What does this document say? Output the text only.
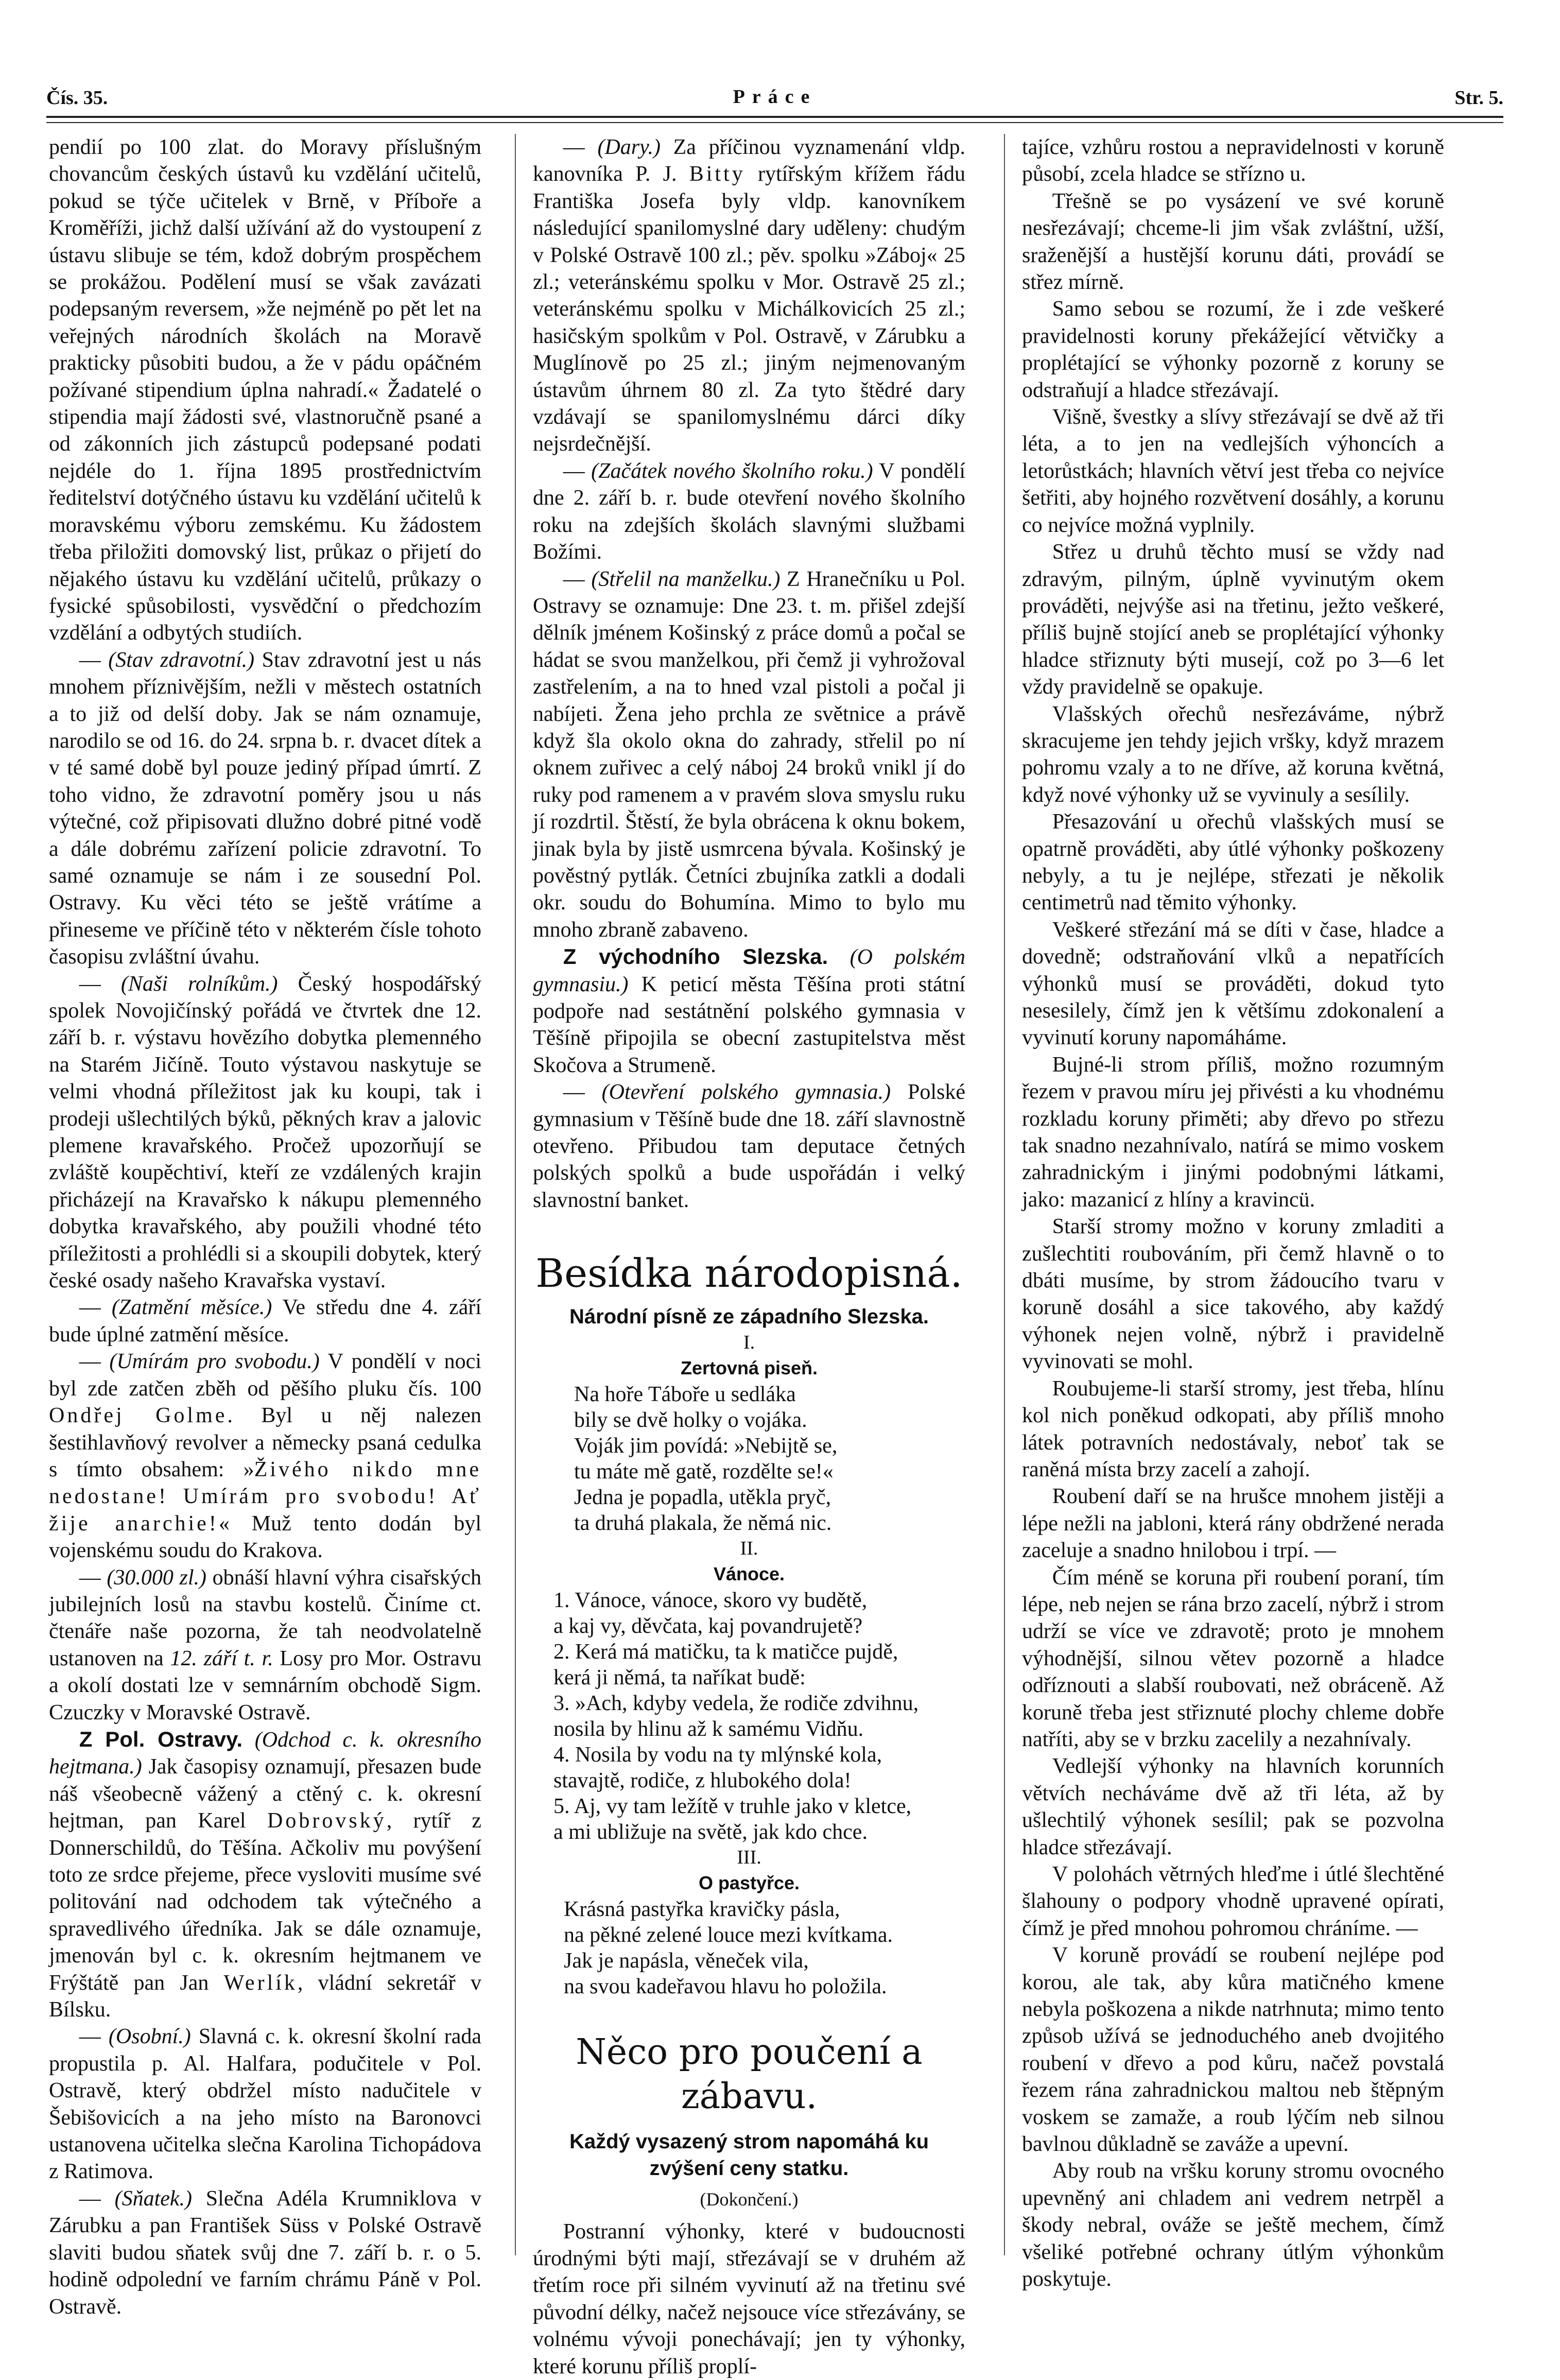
Čís. 35.	Práce	Str. 5.

pendií po 100 zlat. do Moravy příslušným chovancům českých ústavů ku vzdělání učitelů, pokud se týče učitelek v Brně, v Příboře a Kroměříži, jichž další užívání až do vystoupení z ústavu slibuje se tém, kdož dobrým prospěchem se prokážou. Podělení musí se však zavázati podepsaným reversem, »že nejméně po pět let na veřejných národních školách na Moravě prakticky působiti budou, a že v pádu opáčném požívané stipendium úplna nahradí.« Žadatelé o stipendia mají žádosti své, vlastnoručně psané a od zákonních jich zástupců podepsané podati nejdéle do 1. října 1895 prostřednictvím ředitelství dotýčného ústavu ku vzdělání učitelů k moravskému výboru zemskému. Ku žádostem třeba přiložiti domovský list, průkaz o přijetí do nějakého ústavu ku vzdělání učitelů, průkazy o fysické spůsobilosti, vysvědční o předchozím vzdělání a odbytých studiích.

— (Stav zdravotní.) Stav zdravotní jest u nás mnohem příznivějším, nežli v městech ostatních a to již od delší doby. Jak se nám oznamuje, narodilo se od 16. do 24. srpna b. r. dvacet dítek a v té samé době byl pouze jediný případ úmrtí. Z toho vidno, že zdravotní poměry jsou u nás výtečné, což připisovati dlužno dobré pitné vodě a dále dobrému zařízení policie zdravotní. To samé oznamuje se nám i ze sousední Pol. Ostravy. Ku věci této se ještě vrátíme a přineseme ve příčině této v některém čísle tohoto časopisu zvláštní úvahu.

— (Naši rolníkům.) Český hospodářský spolek Novojičínský pořádá ve čtvrtek dne 12. září b. r. výstavu hovězího dobytka plemenného na Starém Jičíně. Touto výstavou naskytuje se velmi vhodná příležitost jak ku koupi, tak i prodeji ušlechtilých býků, pěkných krav a jalovic plemene kravařského. Pročež upozorňují se zvláště koupěchtiví, kteří ze vzdálených krajin přicházejí na Kravařsko k nákupu plemenného dobytka kravařského, aby použili vhodné této příležitosti a prohlédli si a skoupili dobytek, který české osady našeho Kravařska vystaví.

— (Zatmění měsíce.) Ve středu dne 4. září bude úplné zatmění měsíce.

— (Umírám pro svobodu.) V pondělí v noci byl zde zatčen zběh od pěšího pluku čís. 100 Ondřej Golme. Byl u něj nalezen šestihlavňový revolver a německy psaná cedulka s tímto obsahem: »Živého nikdo mne nedostane! Umírám pro svobodu! Ať žije anarchie!« Muž tento dodán byl vojenskému soudu do Krakova.

— (30.000 zl.) obnáší hlavní výhra cisařských jubilejních losů na stavbu kostelů. Činíme ct. čtenáře naše pozorna, že tah neodvolatelně ustanoven na 12. září t. r. Losy pro Mor. Ostravu a okolí dostati lze v semnárním obchodě Sigm. Czuczky v Moravské Ostravě.

Z Pol. Ostravy. (Odchod c. k. okresního hejtmana.) Jak časopisy oznamují, přesazen bude náš všeobecně vážený a ctěný c. k. okresní hejtman, pan Karel Dobrovský, rytíř z Donnerschildů, do Těšína. Ačkoliv mu povýšení toto ze srdce přejeme, přece vysloviti musíme své politování nad odchodem tak výtečného a spravedlivého úředníka. Jak se dále oznamuje, jmenován byl c. k. okresním hejtmanem ve Frýštátě pan Jan Werlík, vládní sekretář v Bílsku.

— (Osobní.) Slavná c. k. okresní školní rada propustila p. Al. Halfara, podučitele v Pol. Ostravě, který obdržel místo nadučitele v Šebišovicích a na jeho místo na Baronovci ustanovena učitelka slečna Karolina Tichopádova z Ratimova.

— (Sňatek.) Slečna Adéla Krumniklova v Zárubku a pan František Süss v Polské Ostravě slaviti budou sňatek svůj dne 7. září b. r. o 5. hodině odpolední ve farním chrámu Páně v Pol. Ostravě.

— (Dary.) Za příčinou vyznamenání vldp. kanovníka P. J. Bitty rytířským křížem řádu Františka Josefa byly vldp. kanovníkem následující spanilomyslné dary uděleny: chudým v Polské Ostravě 100 zl.; pěv. spolku »Záboj« 25 zl.; veteránskému spolku v Mor. Ostravě 25 zl.; veteránskému spolku v Michálkovicích 25 zl.; hasičským spolkům v Pol. Ostravě, v Zárubku a Muglínově po 25 zl.; jiným nejmenovaným ústavům úhrnem 80 zl. Za tyto štědré dary vzdávají se spanilomyslnému dárci díky nejsrdečnější.

— (Začátek nového školního roku.) V pondělí dne 2. září b. r. bude otevření nového školního roku na zdejších školách slavnými službami Božími.

— (Střelil na manželku.) Z Hranečníku u Pol. Ostravy se oznamuje: Dne 23. t. m. přišel zdejší dělník jménem Košinský z práce domů a počal se hádat se svou manželkou, při čemž ji vyhrožoval zastřelením, a na to hned vzal pistoli a počal ji nabíjeti. Žena jeho prchla ze světnice a právě když šla okolo okna do zahrady, střelil po ní oknem zuřivec a celý náboj 24 broků vnikl jí do ruky pod ramenem a v pravém slova smyslu ruku jí rozdrtil. Štěstí, že byla obrácena k oknu bokem, jinak byla by jistě usmrcena bývala. Košinský je pověstný pytlák. Četníci zbujníka zatkli a dodali okr. soudu do Bohumína. Mimo to bylo mu mnoho zbraně zabaveno.

Z východního Slezska. (O polském gymnasiu.) K peticí města Těšína proti státní podpoře nad sestátnění polského gymnasia v Těšíně připojila se obecní zastupitelstva měst Skočova a Strumeně.

— (Otevření polského gymnasia.) Polské gymnasium v Těšíně bude dne 18. září slavnostně otevřeno. Přibudou tam deputace četných polských spolků a bude uspořádán i velký slavnostní banket.

Besídka národopisná.
Národní písně ze západního Slezska.
I.
Zertovná piseň.
Na hoře Táboře u sedláka
bily se dvě holky o vojáka.
Voják jim povídá: »Nebijtě se,
tu máte mě gatě, rozdělte se!«
Jedna je popadla, utěkla pryč,
ta druhá plakala, že němá nic.
II.
Vánoce.
1. Vánoce, vánoce, skoro vy budětě,
a kaj vy, děvčata, kaj povandrujetě?
2. Kerá má matičku, ta k matičce pujdě,
kerá ji němá, ta naříkat budě:
3. »Ach, kdyby vedela, že rodiče zdvihnu,
nosila by hlinu až k samému Vidňu.
4. Nosila by vodu na ty mlýnské kola,
stavajtě, rodiče, z hlubokého dola!
5. Aj, vy tam ležítě v truhle jako v kletce,
a mi ubližuje na světě, jak kdo chce.
III.
O pastyřce.
Krásná pastyřka kravičky pásla,
na pěkné zelené louce mezi kvítkama.
Jak je napásla, věneček vila,
na svou kadeřavou hlavu ho položila.
Něco pro poučení a zábavu.
Každý vysazený strom napomáhá ku zvýšení ceny statku.
(Dokončení.)

Postranní výhonky, které v budoucnosti úrodnými býti mají, střezávají se v druhém až třetím roce při silném vyvinutí až na třetinu své původní délky, načež nejsouce více střezávány, se volnému vývoji ponechávají; jen ty výhonky, které korunu příliš proplí-

tajíce, vzhůru rostou a nepravidelnosti v koruně působí, zcela hladce se střízno u.

Třešně se po vysázení ve své koruně nesřezávají; chceme-li jim však zvláštní, užší, sraženější a hustější korunu dáti, provádí se střez mírně.

Samo sebou se rozumí, že i zde veškeré pravidelnosti koruny překážející větvičky a proplétající se výhonky pozorně z koruny se odstraňují a hladce střezávají.

Višně, švestky a slívy střezávají se dvě až tři léta, a to jen na vedlejších výhoncích a letorůstkách; hlavních větví jest třeba co nejvíce šetřiti, aby hojného rozvětvení dosáhly, a korunu co nejvíce možná vyplnily.

Střez u druhů těchto musí se vždy nad zdravým, pilným, úplně vyvinutým okem prováděti, nejvýše asi na třetinu, ježto veškeré, příliš bujně stojící aneb se proplétající výhonky hladce střiznuty býti musejí, což po 3—6 let vždy pravidelně se opakuje.

Vlašských ořechů nesřezáváme, nýbrž skracujeme jen tehdy jejich vršky, když mrazem pohromu vzaly a to ne dříve, až koruna květná, když nové výhonky už se vyvinuly a sesílily.

Přesazování u ořechů vlašských musí se opatrně prováděti, aby útlé výhonky poškozeny nebyly, a tu je nejlépe, střezati je několik centimetrů nad těmito výhonky.

Veškeré střezání má se díti v čase, hladce a dovedně; odstraňování vlků a nepatřících výhonků musí se prováděti, dokud tyto nesesilely, čímž jen k většímu zdokonalení a vyvinutí koruny napomáháme.

Bujné-li strom příliš, možno rozumným řezem v pravou míru jej přivésti a ku vhodnému rozkladu koruny přiměti; aby dřevo po střezu tak snadno nezahnívalo, natírá se mimo voskem zahradnickým i jinými podobnými látkami, jako: mazanicí z hlíny a kravincü.

Starší stromy možno v koruny zmladiti a zušlechtiti roubováním, při čemž hlavně o to dbáti musíme, by strom žádoucího tvaru v koruně dosáhl a sice takového, aby každý výhonek nejen volně, nýbrž i pravidelně vyvinovati se mohl.

Roubujeme-li starší stromy, jest třeba, hlínu kol nich poněkud odkopati, aby příliš mnoho látek potravních nedostávaly, neboť tak se raněná místa brzy zacelí a zahojí.

Roubení daří se na hrušce mnohem jistěji a lépe nežli na jabloni, která rány obdržené nerada zaceluje a snadno hnilobou i trpí. —

Čím méně se koruna při roubení poraní, tím lépe, neb nejen se rána brzo zacelí, nýbrž i strom udrží se více ve zdravotě; proto je mnohem výhodnější, silnou větev pozorně a hladce odříznouti a slabší roubovati, než obráceně. Až koruně třeba jest střiznuté plochy chleme dobře natříti, aby se v brzku zacelily a nezahnívaly.

Vedlejší výhonky na hlavních korunních větvích necháváme dvě až tři léta, až by ušlechtilý výhonek sesílil; pak se pozvolna hladce střezávají.

V polohách větrných hleďme i útlé šlechtěné šlahouny o podpory vhodně upravené opírati, čímž je před mnohou pohromou chráníme. —

V koruně provádí se roubení nejlépe pod korou, ale tak, aby kůra matičného kmene nebyla poškozena a nikde natrhnuta; mimo tento způsob užívá se jednoduchého aneb dvojitého roubení v dřevo a pod kůru, načež povstalá řezem rána zahradnickou maltou neb štěpným voskem se zamaže, a roub lýčím neb silnou bavlnou důkladně se zaváže a upevní.

Aby roub na vršku koruny stromu ovocného upevněný ani chladem ani vedrem netrpěl a škody nebral, ováže se ještě mechem, čímž všeliké potřebné ochrany útlým výhonkům poskytuje.
